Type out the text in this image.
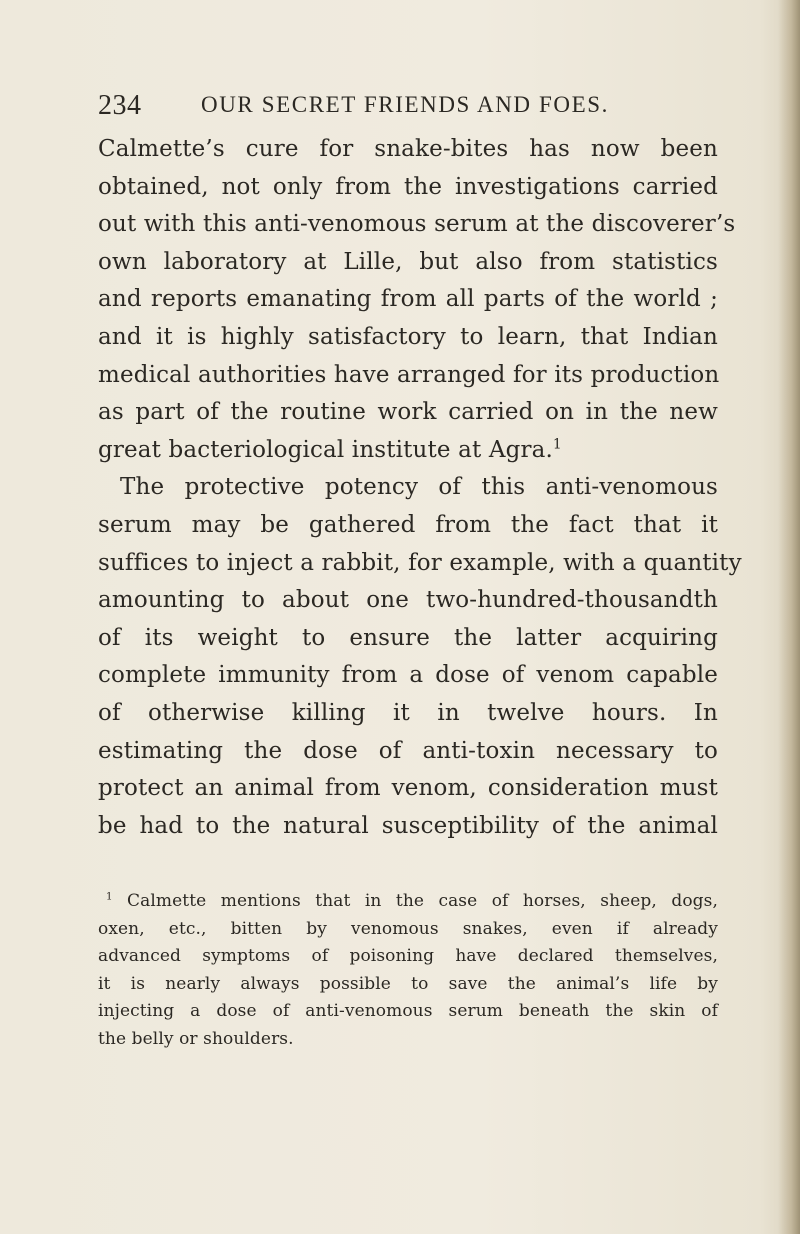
234	OUR SECRET FRIENDS AND FOES.
Calmette’s cure for snake-bites has now been
obtained, not only from the investigations carried
out with this anti-venomous serum at the discoverer’s
own laboratory at Lille, but also from statistics
and reports emanating from all parts of the world ;
and it is highly satisfactory to learn, that Indian
medical authorities have arranged for its production
as part of the routine work carried on in the new
great bacteriological institute at Agra.$^1$
The protective potency of this anti-venomous
serum may be gathered from the fact that it
suffices to inject a rabbit, for example, with a quantity
amounting to about one two-hundred-thousandth
of its weight to ensure the latter acquiring
complete immunity from a dose of venom capable
of otherwise killing it in twelve hours. In
estimating the dose of anti-toxin necessary to
protect an animal from venom, consideration must
be had to the natural susceptibility of the animal
$^1$ Calmette mentions that in the case of horses, sheep, dogs,
oxen, etc., bitten by venomous snakes, even if already
advanced symptoms of poisoning have declared themselves,
it is nearly always possible to save the animal’s life by
injecting a dose of anti-venomous serum beneath the skin of
the belly or shoulders.
